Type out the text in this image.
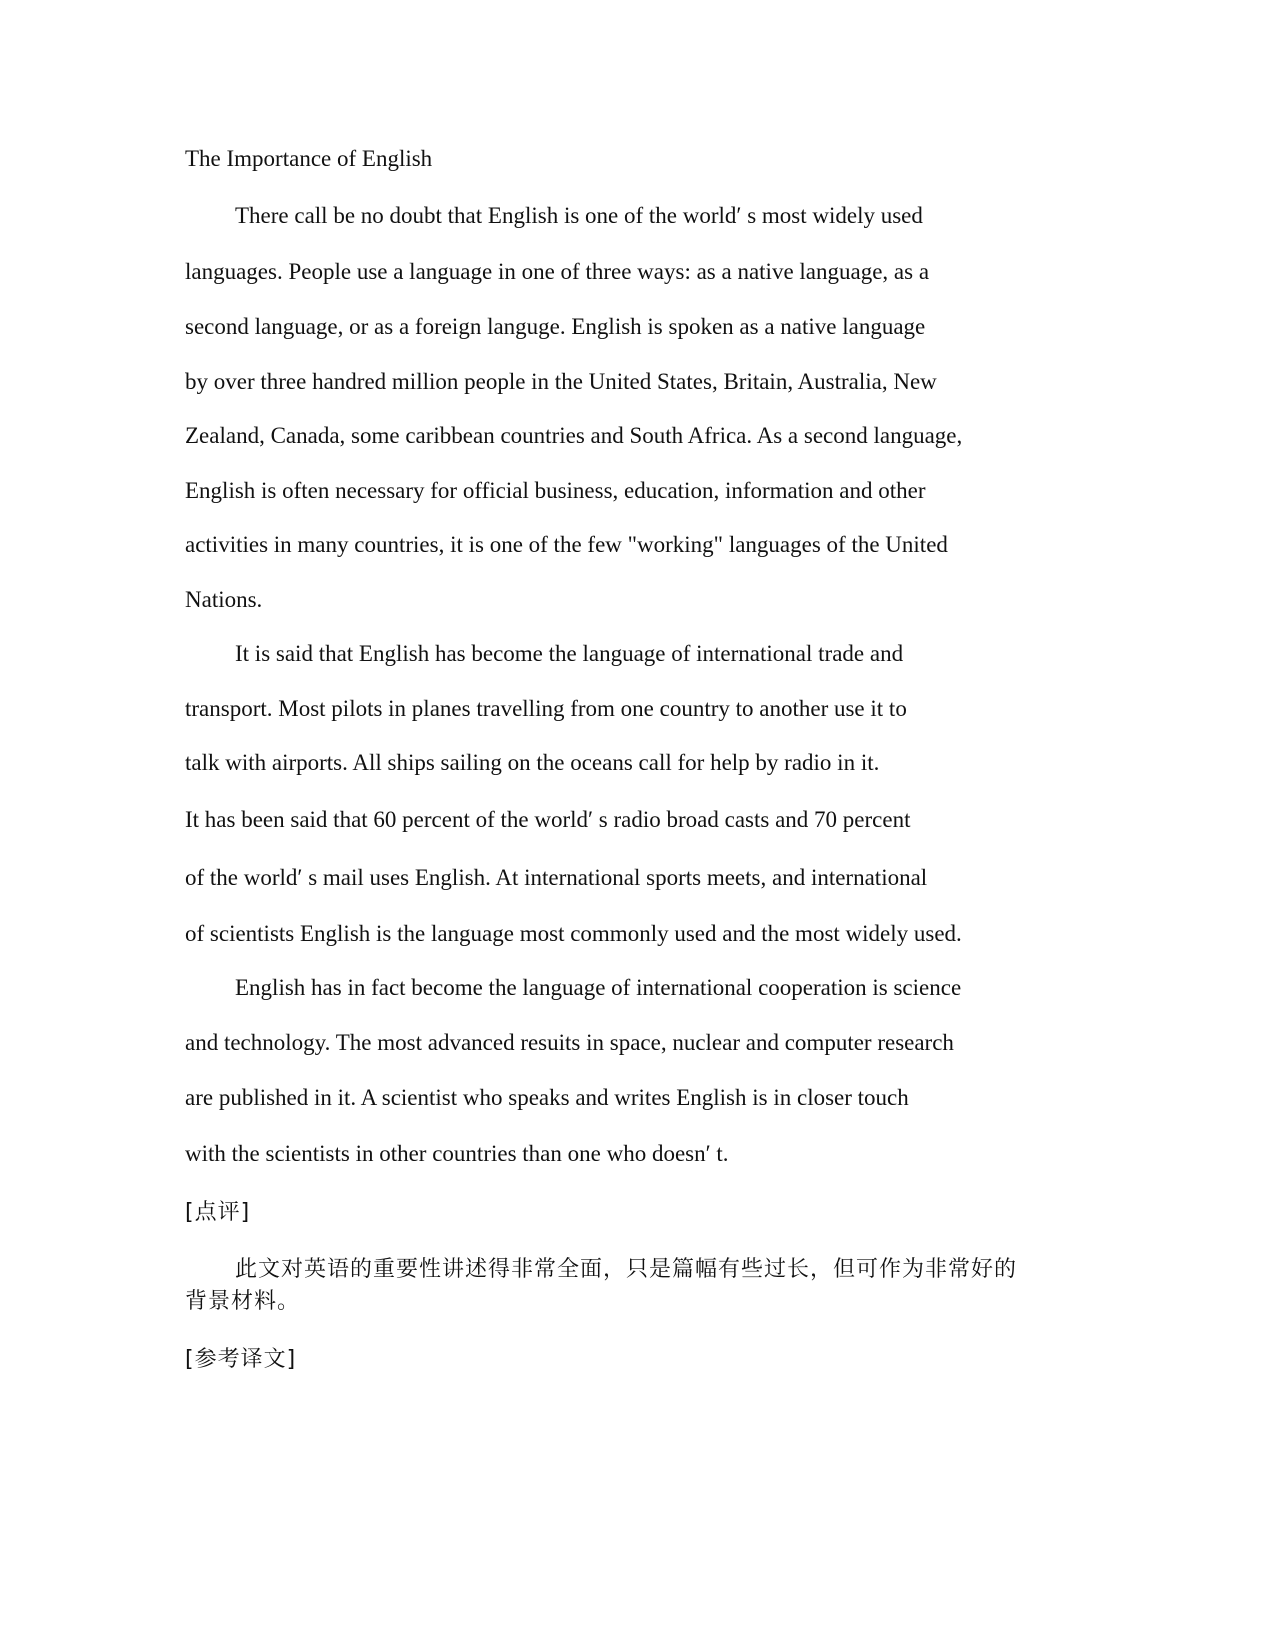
The Importance of English
There call be no doubt that English is one of the world′ s most widely used
languages. People use a language in one of three ways: as a native language, as a
second language, or as a foreign languge. English is spoken as a native language
by over three handred million people in the United States, Britain, Australia, New
Zealand, Canada, some caribbean countries and South Africa. As a second language,
English is often necessary for official business, education, information and other
activities in many countries, it is one of the few "working" languages of the United
Nations.
It is said that English has become the language of international trade and
transport. Most pilots in planes travelling from one country to another use it to
talk with airports. All ships sailing on the oceans call for help by radio in it.
It has been said that 60 percent of the world′ s radio broad casts and 70 percent
of the world′ s mail uses English. At international sports meets, and international
of scientists English is the language most commonly used and the most widely used.
English has in fact become the language of international cooperation is science
and technology. The most advanced resuits in space, nuclear and computer research
are published in it. A scientist who speaks and writes English is in closer touch
with the scientists in other countries than one who doesn′ t.
[点评]
此文对英语的重要性讲述得非常全面，只是篇幅有些过长，但可作为非常好的
背景材料。
[参考译文]
